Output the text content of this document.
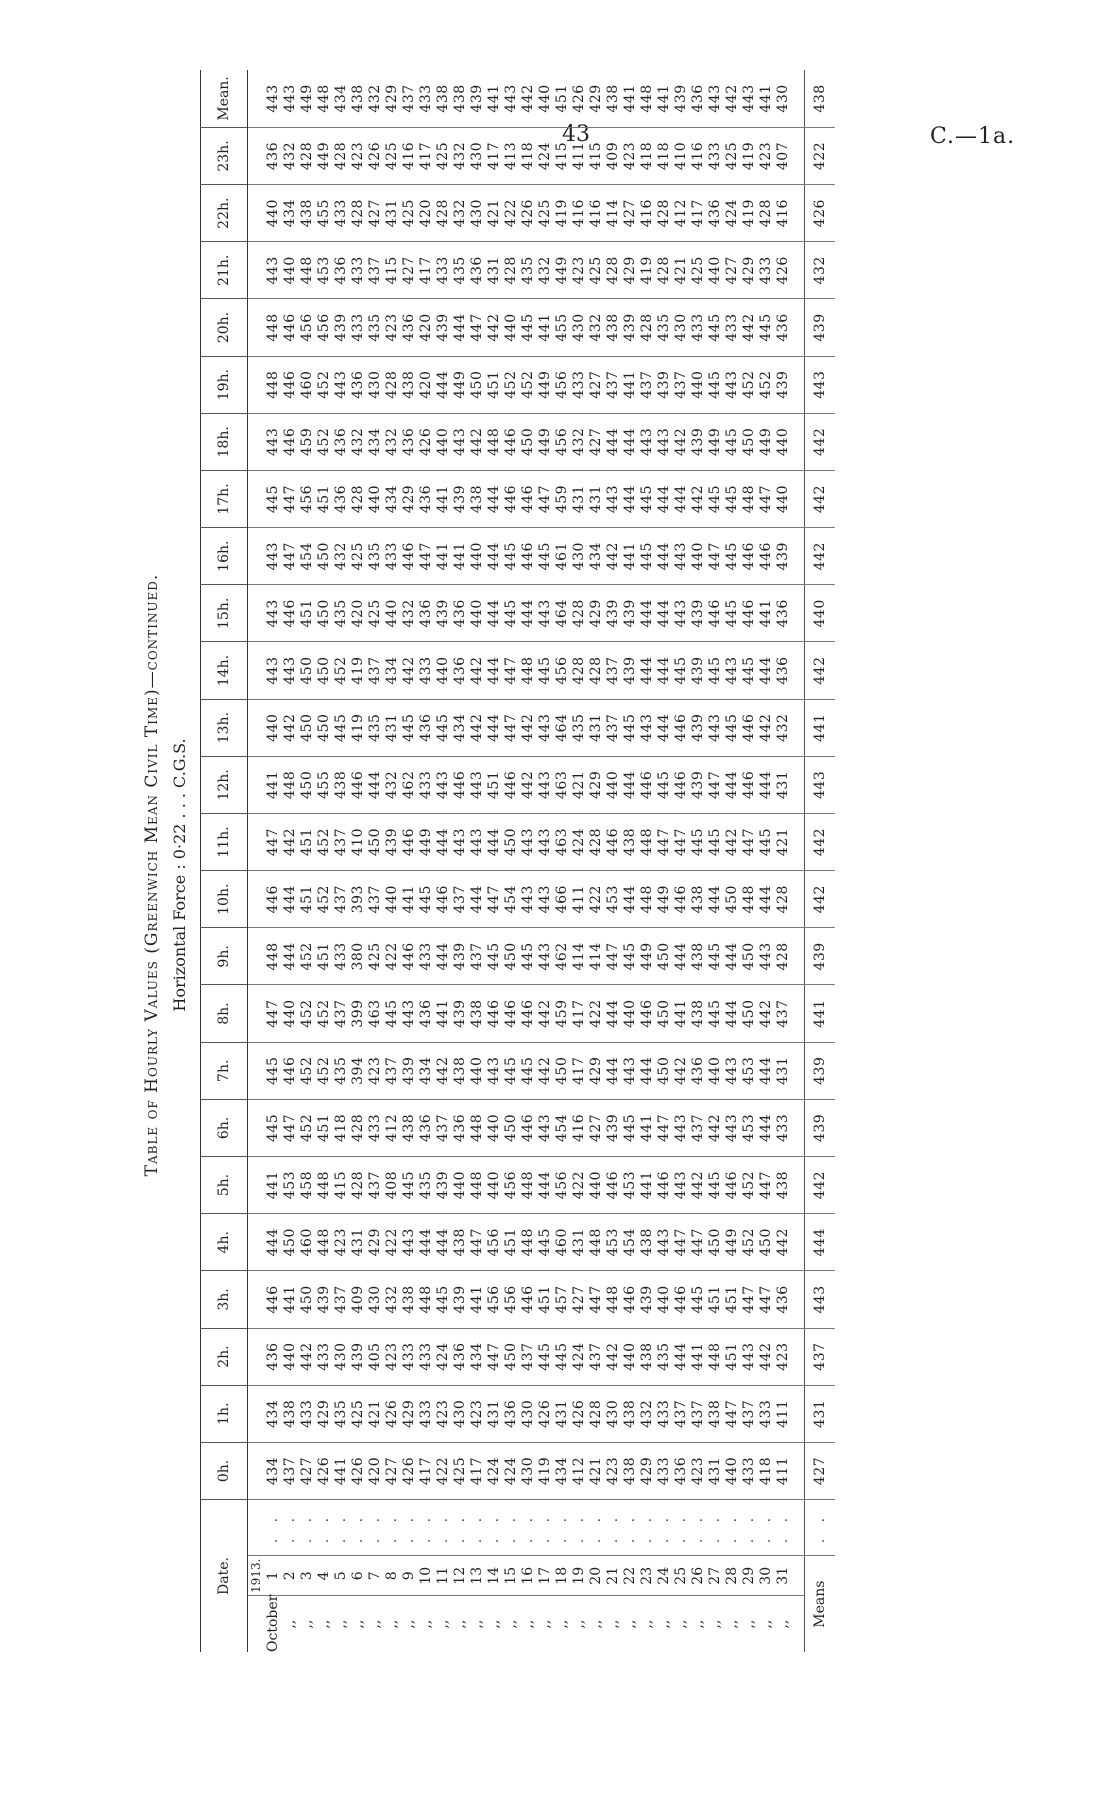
43	C.—1a.
Table of Hourly Values (Greenwich Mean Civil Time)—continued. Horizontal Force : 0·22 . . . C.G.S.
Date.			0h.	1h.	2h.	3h.	4h.	5h.	6h.	7h.	8h.	9h.	10h.	11h.	12h.	13h.	14h.	15h.	16h.	17h.	18h.	19h.	20h.	21h.	22h.	23h.	Mean.
	1913.																										
October	1	. .	434	434	436	446	444	441	445	445	447	448	446	447	441	440	443	443	443	445	443	448	448	443	440	436	443
,,	2	. .	437	438	440	441	450	453	447	446	440	444	444	442	448	442	443	446	447	447	446	446	446	440	434	432	443
,,	3	. .	427	433	442	450	460	458	452	452	452	452	451	451	450	450	450	451	454	456	459	460	456	448	438	428	449
,,	4	. .	426	429	433	439	448	448	451	452	452	451	452	452	455	450	450	450	450	451	452	452	456	453	455	449	448
,,	5	. .	441	435	430	437	423	415	418	435	437	433	437	437	438	445	452	435	432	436	436	443	439	436	433	428	434
,,	6	. .	426	425	439	409	431	428	428	394	399	380	393	410	446	419	419	420	425	428	432	436	433	433	428	423	438
,,	7	. .	420	421	405	430	429	437	433	423	463	425	437	450	444	435	437	425	435	440	434	430	435	437	427	426	432
,,	8	. .	427	426	423	432	422	408	412	437	445	422	440	439	432	431	434	440	433	434	432	428	423	415	431	425	429
,,	9	. .	426	429	433	438	443	445	438	439	443	446	441	446	462	445	442	432	446	429	436	438	436	427	425	416	437
,,	10	. .	417	433	433	448	444	435	436	434	436	433	445	449	433	436	433	436	447	436	426	420	420	417	420	417	433
,,	11	. .	422	423	424	445	444	439	437	442	441	444	446	444	443	445	440	439	441	441	440	444	439	433	428	425	438
,,	12	. .	425	430	436	439	438	440	436	438	439	439	437	443	446	434	436	436	441	439	443	449	444	435	432	432	438
,,	13	. .	417	423	434	441	447	448	448	440	438	437	444	443	443	442	442	440	440	438	442	450	447	436	430	430	439
,,	14	. .	424	431	447	456	456	440	440	443	446	445	447	444	451	444	444	444	444	444	448	451	442	431	421	417	441
,,	15	. .	424	436	450	456	451	456	450	445	446	450	454	450	446	447	447	445	445	446	446	452	440	428	422	413	443
,,	16	. .	430	430	437	446	448	448	446	445	446	445	443	443	442	442	448	444	446	446	450	452	445	435	426	418	442
,,	17	. .	419	426	445	451	445	444	443	442	442	443	443	443	443	443	445	443	445	447	449	449	441	432	425	424	440
,,	18	. .	434	431	445	457	460	456	454	450	459	462	466	463	463	464	456	464	461	459	456	456	455	449	419	415	451
,,	19	. .	412	426	424	427	431	422	416	417	417	414	411	424	421	435	428	428	430	431	432	433	430	423	416	411	426
,,	20	. .	421	428	437	447	448	440	427	429	422	414	422	428	429	431	428	429	434	431	427	427	432	425	416	415	429
,,	21	. .	423	430	442	448	453	446	439	444	444	447	453	446	440	437	437	439	442	443	444	437	438	428	414	409	438
,,	22	. .	438	438	440	446	454	453	445	443	440	445	444	438	444	445	439	439	441	444	444	441	439	429	427	423	441
,,	23	. .	429	432	438	439	438	441	441	444	446	449	448	448	446	443	444	444	445	445	443	437	428	419	416	418	448
,,	24	. .	433	433	435	440	443	446	447	450	450	450	449	447	445	444	444	444	444	444	443	439	435	428	428	418	441
,,	25	. .	436	437	444	446	447	443	443	442	441	444	446	447	446	446	445	443	443	444	442	437	430	421	412	410	439
,,	26	. .	423	437	441	445	447	442	437	436	438	438	438	445	439	439	439	439	440	442	439	440	433	425	417	416	436
,,	27	. .	431	438	448	451	450	445	442	440	445	445	444	445	447	443	445	446	447	445	449	445	445	440	436	433	443
,,	28	. .	440	447	451	451	449	446	443	443	444	444	450	442	444	445	443	445	445	445	445	443	433	427	424	425	442
,,	29	. .	433	437	443	447	452	452	453	453	450	450	448	447	446	446	445	446	446	448	450	452	442	429	419	419	443
,,	30	. .	418	433	442	447	450	447	444	444	442	443	444	445	444	442	444	441	446	447	449	452	445	433	428	423	441
,,	31	. .	411	411	423	436	442	438	433	431	437	428	428	421	431	432	436	436	439	440	440	439	436	426	416	407	430

Means		. .	427	431	437	443	444	442	439	439	441	439	442	442	443	441	442	440	442	442	442	443	439	432	426	422	438
